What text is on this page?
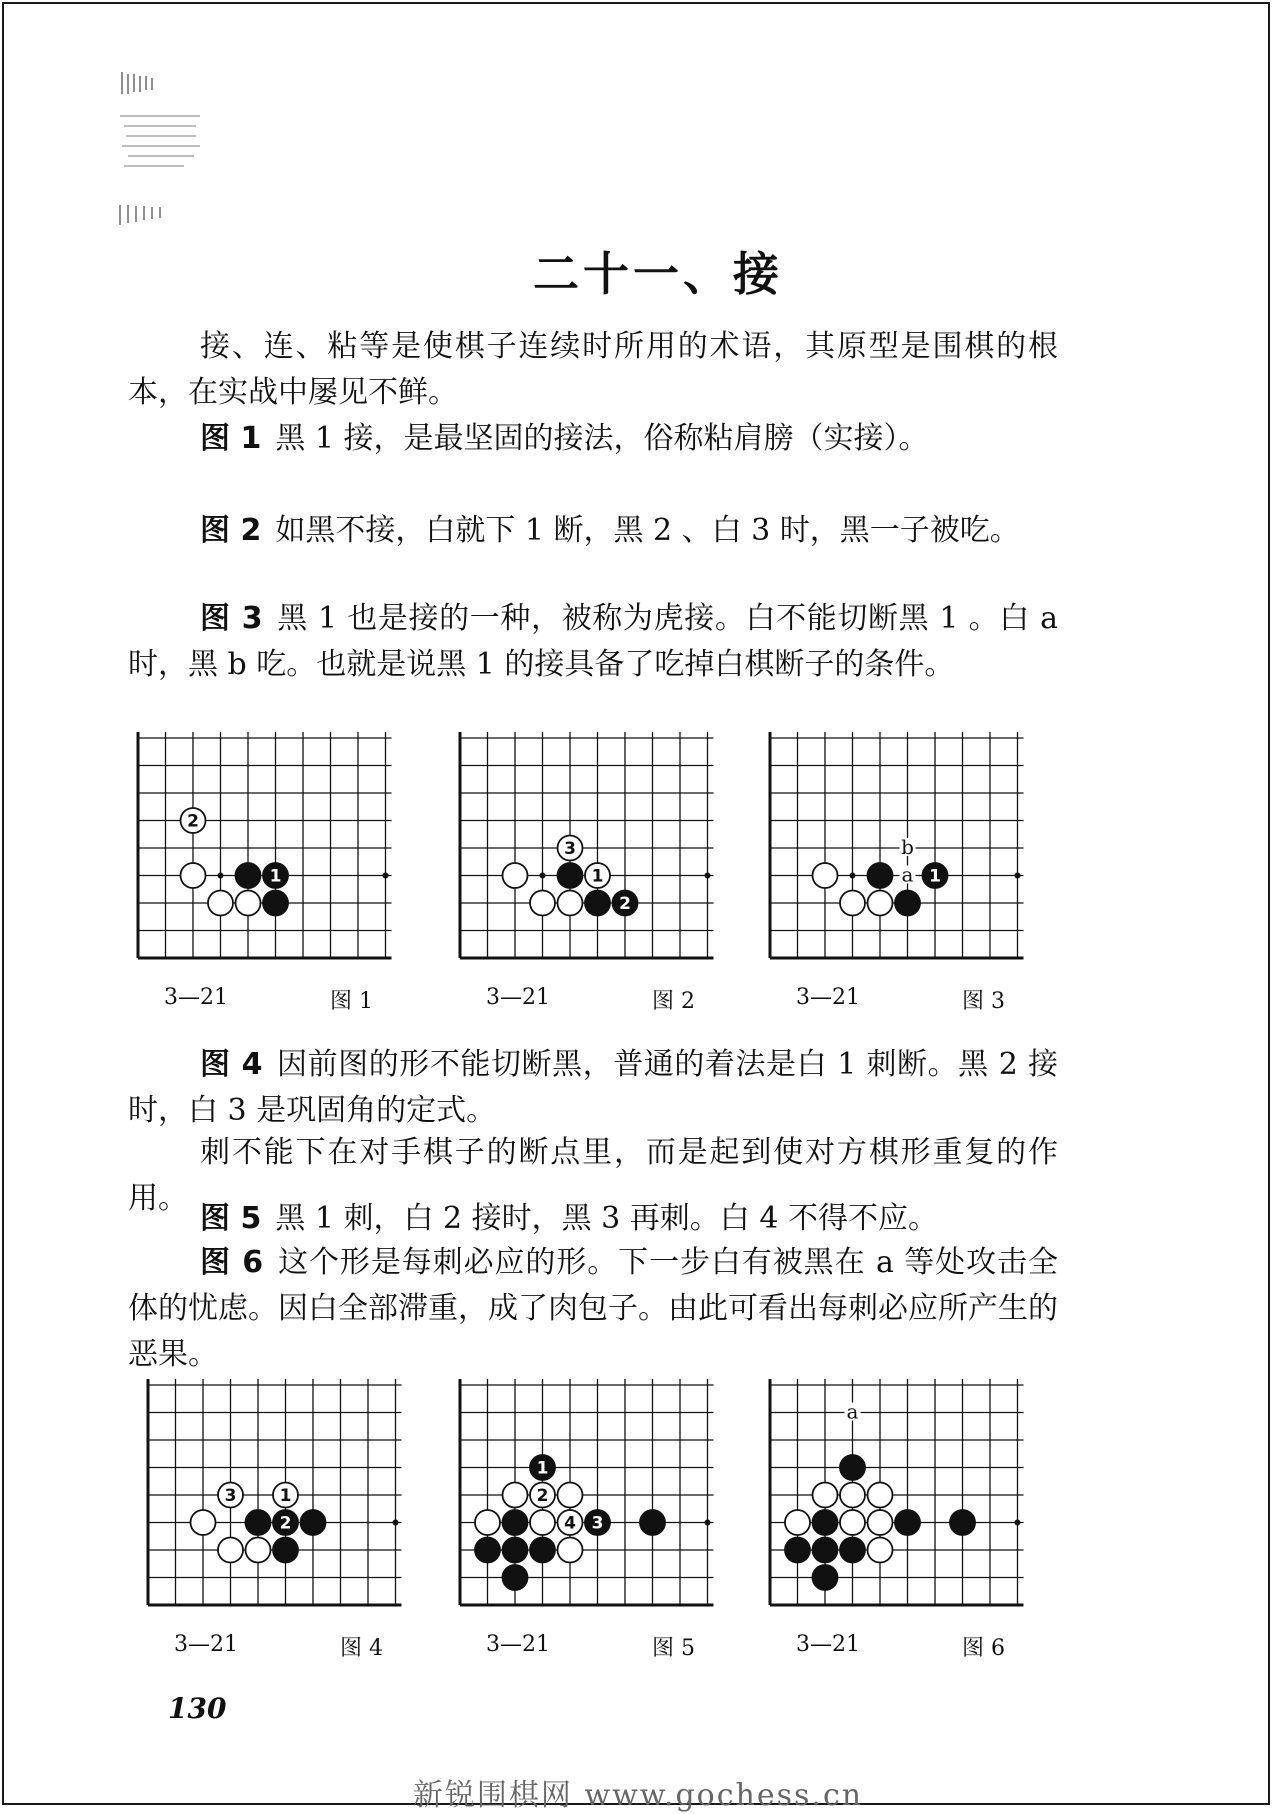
二十一、接

接、连、粘等是使棋子连续时所用的术语，其原型是围棋的根本，在实战中屡见不鲜。

图 1 黑 1 接，是最坚固的接法，俗称粘肩膀（实接）。

图 2 如黑不接，白就下 1 断，黑 2 、白 3 时，黑一子被吃。

图 3 黑 1 也是接的一种，被称为虎接。白不能切断黑 1 。白 a 时，黑 b 吃。也就是说黑 1 的接具备了吃掉白棋断子的条件。

2
1
3—21	图 1
3
1
2
3—21	图 2
b
a 1
3—21	图 3

图 4 因前图的形不能切断黑，普通的着法是白 1 刺断。黑 2 接时，白 3 是巩固角的定式。

刺不能下在对手棋子的断点里，而是起到使对方棋形重复的作用。

图 5 黑 1 刺，白 2 接时，黑 3 再刺。白 4 不得不应。

图 6 这个形是每刺必应的形。下一步白有被黑在 a 等处攻击全体的忧虑。因白全部滞重，成了肉包子。由此可看出每刺必应所产生的恶果。

3	1
2
3—21	图 4
1
2
4 3
3—21	图 5
a
3—21	图 6
130
新锐围棋网 www.gochess.cn
